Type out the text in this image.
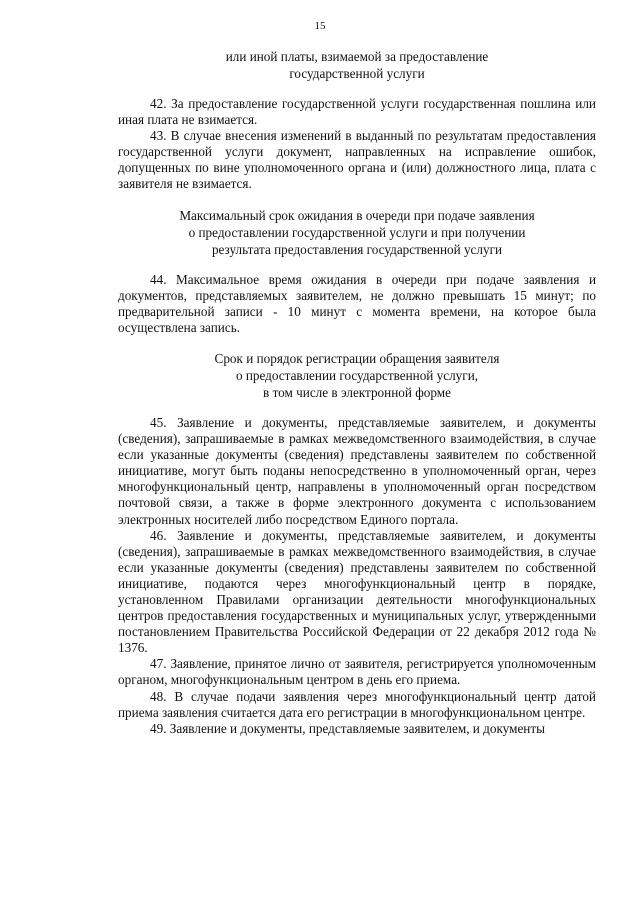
15
или иной платы, взимаемой за предоставление
государственной услуги

42. За предоставление государственной услуги государственная пошлина или иная плата не взимается.

43. В случае внесения изменений в выданный по результатам предоставления государственной услуги документ, направленных на исправление ошибок, допущенных по вине уполномоченного органа и (или) должностного лица, плата с заявителя не взимается.

Максимальный срок ожидания в очереди при подаче заявления
о предоставлении государственной услуги и при получении
результата предоставления государственной услуги

44. Максимальное время ожидания в очереди при подаче заявления и документов, представляемых заявителем, не должно превышать 15 минут; по предварительной записи - 10 минут с момента времени, на которое была осуществлена запись.

Срок и порядок регистрации обращения заявителя
о предоставлении государственной услуги,
в том числе в электронной форме

45. Заявление и документы, представляемые заявителем, и документы (сведения), запрашиваемые в рамках межведомственного взаимодействия, в случае если указанные документы (сведения) представлены заявителем по собственной инициативе, могут быть поданы непосредственно в уполномоченный орган, через многофункциональный центр, направлены в уполномоченный орган посредством почтовой связи, а также в форме электронного документа с использованием электронных носителей либо посредством Единого портала.

46. Заявление и документы, представляемые заявителем, и документы (сведения), запрашиваемые в рамках межведомственного взаимодействия, в случае если указанные документы (сведения) представлены заявителем по собственной инициативе, подаются через многофункциональный центр в порядке, установленном Правилами организации деятельности многофункциональных центров предоставления государственных и муниципальных услуг, утвержденными постановлением Правительства Российской Федерации от 22 декабря 2012 года № 1376.

47. Заявление, принятое лично от заявителя, регистрируется уполномоченным органом, многофункциональным центром в день его приема.

48. В случае подачи заявления через многофункциональный центр датой приема заявления считается дата его регистрации в многофункциональном центре.

49. Заявление и документы, представляемые заявителем, и документы
